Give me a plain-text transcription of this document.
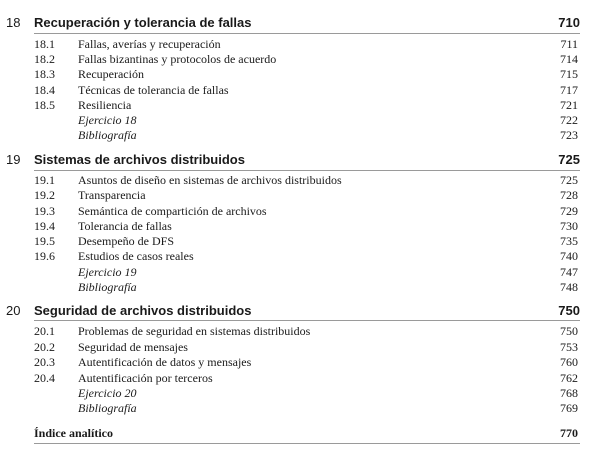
18 Recuperación y tolerancia de fallas	710
18.1 Fallas, averías y recuperación	711
18.2 Fallas bizantinas y protocolos de acuerdo	714
18.3 Recuperación	715
18.4 Técnicas de tolerancia de fallas	717
18.5 Resiliencia	721
Ejercicio 18	722
Bibliografía	723
19 Sistemas de archivos distribuidos	725
19.1 Asuntos de diseño en sistemas de archivos distribuidos	725
19.2 Transparencia	728
19.3 Semántica de compartición de archivos	729
19.4 Tolerancia de fallas	730
19.5 Desempeño de DFS	735
19.6 Estudios de casos reales	740
Ejercicio 19	747
Bibliografía	748
20 Seguridad de archivos distribuidos	750
20.1 Problemas de seguridad en sistemas distribuidos	750
20.2 Seguridad de mensajes	753
20.3 Autentificación de datos y mensajes	760
20.4 Autentificación por terceros	762
Ejercicio 20	768
Bibliografía	769
Índice analítico	770
